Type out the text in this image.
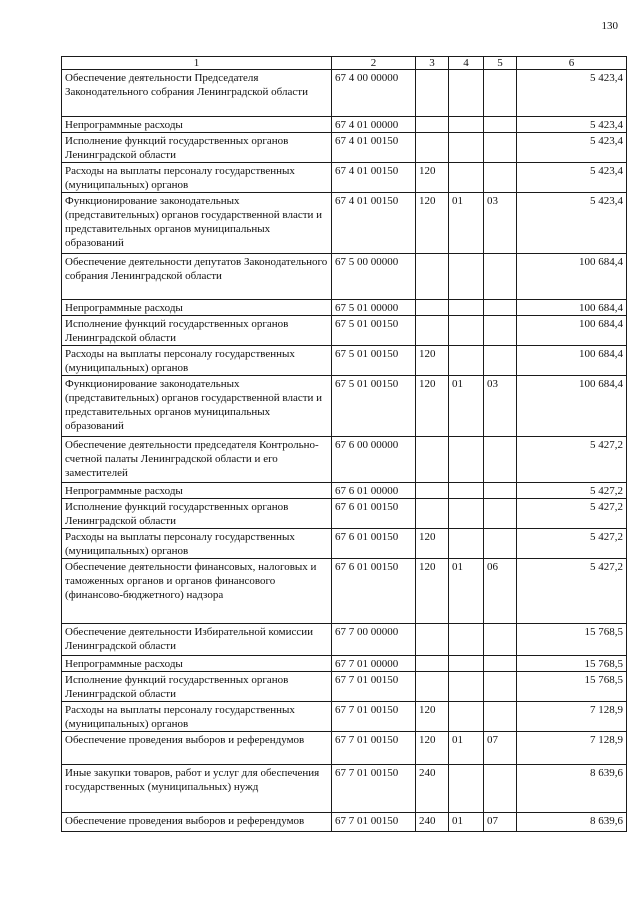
130
1	2	3	4	5	6
Обеспечение деятельности Председателя Законодательного собрания Ленинградской области	67 4 00 00000				5 423,4
Непрограммные расходы	67 4 01 00000				5 423,4
Исполнение функций государственных органов Ленинградской области	67 4 01 00150				5 423,4
Расходы на выплаты персоналу государственных (муниципальных) органов	67 4 01 00150	120			5 423,4
Функционирование законодательных (представительных) органов государственной власти и представительных органов муниципальных образований	67 4 01 00150	120	01	03	5 423,4
Обеспечение деятельности депутатов Законодательного собрания Ленинградской области	67 5 00 00000				100 684,4
Непрограммные расходы	67 5 01 00000				100 684,4
Исполнение функций государственных органов Ленинградской области	67 5 01 00150				100 684,4
Расходы на выплаты персоналу государственных (муниципальных) органов	67 5 01 00150	120			100 684,4
Функционирование законодательных (представительных) органов государственной власти и представительных органов муниципальных образований	67 5 01 00150	120	01	03	100 684,4
Обеспечение деятельности председателя Контрольно-счетной палаты Ленинградской области и его заместителей	67 6 00 00000				5 427,2
Непрограммные расходы	67 6 01 00000				5 427,2
Исполнение функций государственных органов Ленинградской области	67 6 01 00150				5 427,2
Расходы на выплаты персоналу государственных (муниципальных) органов	67 6 01 00150	120			5 427,2
Обеспечение деятельности финансовых, налоговых и таможенных органов и органов финансового (финансово-бюджетного) надзора	67 6 01 00150	120	01	06	5 427,2
Обеспечение деятельности Избирательной комиссии Ленинградской области	67 7 00 00000				15 768,5
Непрограммные расходы	67 7 01 00000				15 768,5
Исполнение функций государственных органов Ленинградской области	67 7 01 00150				15 768,5
Расходы на выплаты персоналу государственных (муниципальных) органов	67 7 01 00150	120			7 128,9
Обеспечение проведения выборов и референдумов	67 7 01 00150	120	01	07	7 128,9
Иные закупки товаров, работ и услуг для обеспечения государственных (муниципальных) нужд	67 7 01 00150	240			8 639,6
Обеспечение проведения выборов и референдумов	67 7 01 00150	240	01	07	8 639,6
